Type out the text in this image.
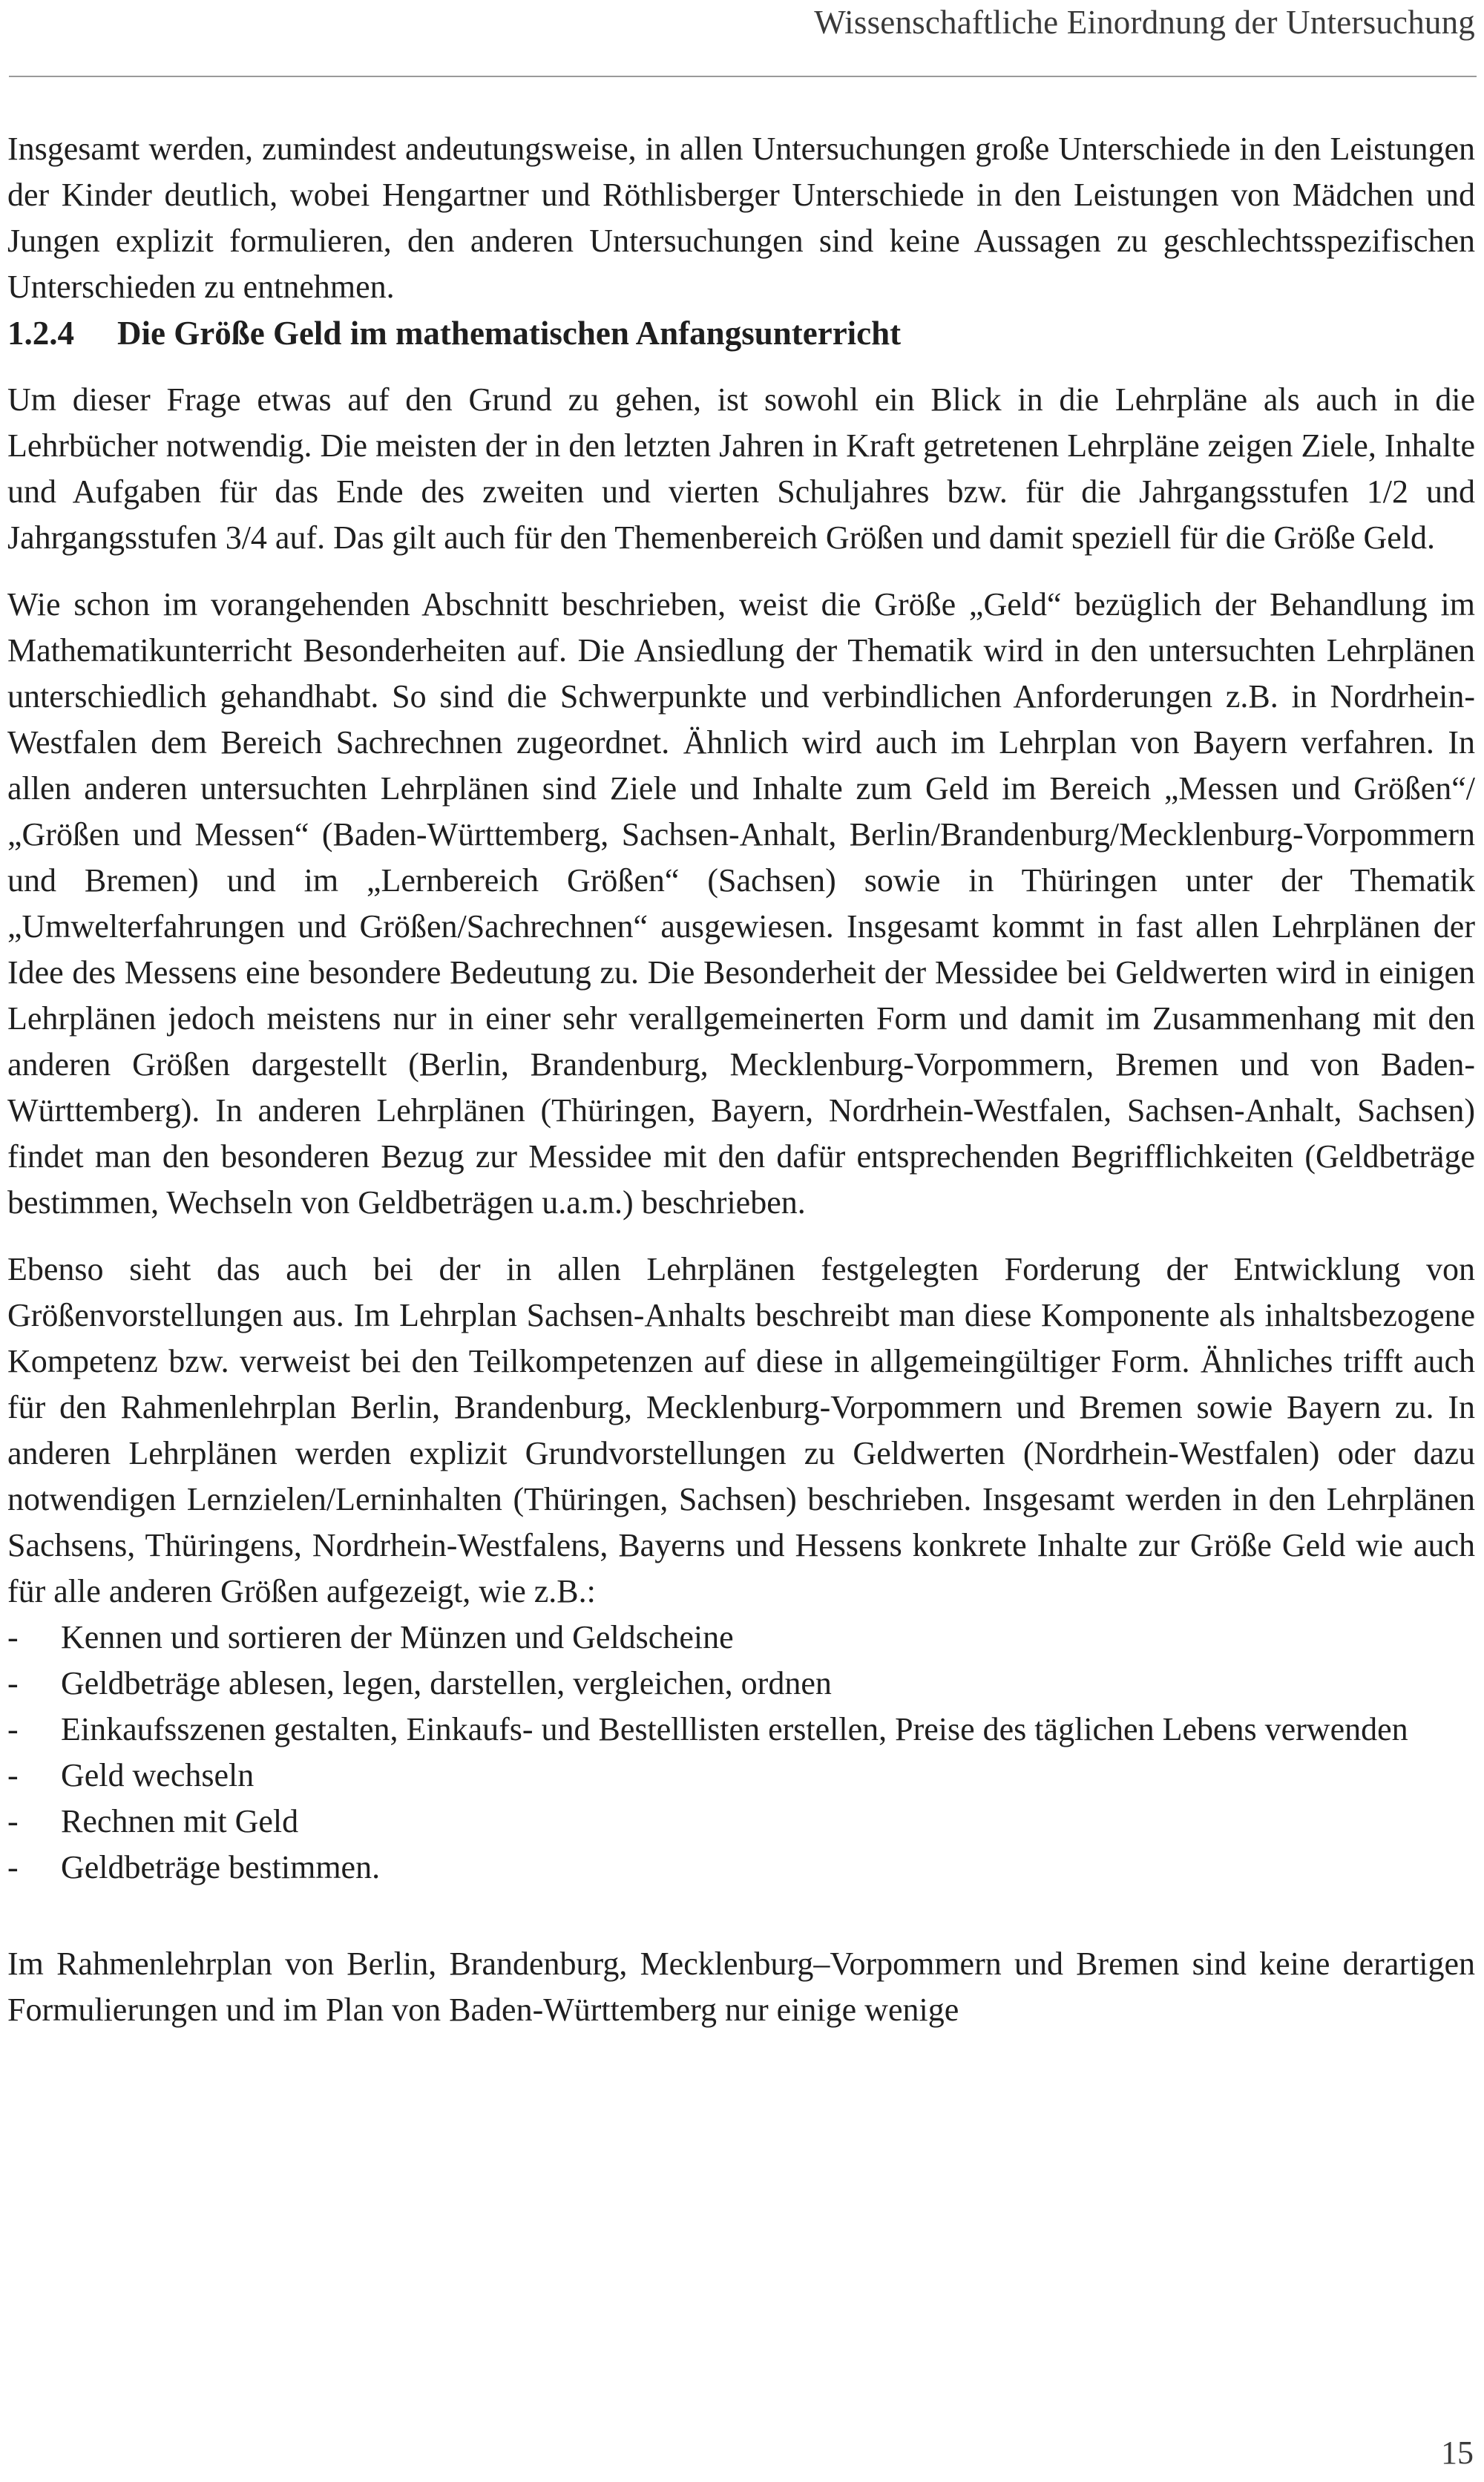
Wissenschaftliche Einordnung der Untersuchung

Insgesamt werden, zumindest andeutungsweise, in allen Untersuchungen große Unterschiede in den Leistungen der Kinder deutlich, wobei Hengartner und Röthlisberger Unterschiede in den Leistungen von Mädchen und Jungen explizit formulieren, den anderen Untersuchungen sind keine Aussagen zu geschlechtsspezifischen Unterschieden zu entnehmen.

1.2.4	Die Größe Geld im mathematischen Anfangsunterricht

Um dieser Frage etwas auf den Grund zu gehen, ist sowohl ein Blick in die Lehrpläne als auch in die Lehrbücher notwendig. Die meisten der in den letzten Jahren in Kraft getretenen Lehrpläne zeigen Ziele, Inhalte und Aufgaben für das Ende des zweiten und vierten Schuljahres bzw. für die Jahrgangsstufen 1/2 und Jahrgangsstufen 3/4 auf. Das gilt auch für den Themenbereich Größen und damit speziell für die Größe Geld.

Wie schon im vorangehenden Abschnitt beschrieben, weist die Größe „Geld“ bezüglich der Behandlung im Mathematikunterricht Besonderheiten auf. Die Ansiedlung der Thematik wird in den untersuchten Lehrplänen unterschiedlich gehandhabt. So sind die Schwerpunkte und verbindlichen Anforderungen z.B. in Nordrhein-Westfalen dem Bereich Sachrechnen zugeordnet. Ähnlich wird auch im Lehrplan von Bayern verfahren. In allen anderen untersuchten Lehrplänen sind Ziele und Inhalte zum Geld im Bereich „Messen und Größen“/„Größen und Messen“ (Baden-Württemberg, Sachsen-Anhalt, Berlin/Brandenburg/Mecklenburg-Vorpommern und Bremen) und im „Lernbereich Größen“ (Sachsen) sowie in Thüringen unter der Thematik „Umwelterfahrungen und Größen/Sachrechnen“ ausgewiesen. Insgesamt kommt in fast allen Lehrplänen der Idee des Messens eine besondere Bedeutung zu. Die Besonderheit der Messidee bei Geldwerten wird in einigen Lehrplänen jedoch meistens nur in einer sehr verallgemeinerten Form und damit im Zusammenhang mit den anderen Größen dargestellt (Berlin, Brandenburg, Mecklenburg-Vorpommern, Bremen und von Baden-Württemberg). In anderen Lehrplänen (Thüringen, Bayern, Nordrhein-Westfalen, Sachsen-Anhalt, Sachsen) findet man den besonderen Bezug zur Messidee mit den dafür entsprechenden Begrifflichkeiten (Geldbeträge bestimmen, Wechseln von Geldbeträgen u.a.m.) beschrieben.

Ebenso sieht das auch bei der in allen Lehrplänen festgelegten Forderung der Entwicklung von Größenvorstellungen aus. Im Lehrplan Sachsen-Anhalts beschreibt man diese Komponente als inhaltsbezogene Kompetenz bzw. verweist bei den Teilkompetenzen auf diese in allgemeingültiger Form. Ähnliches trifft auch für den Rahmenlehrplan Berlin, Brandenburg, Mecklenburg-Vorpommern und Bremen sowie Bayern zu. In anderen Lehrplänen werden explizit Grundvorstellungen zu Geldwerten (Nordrhein-Westfalen) oder dazu notwendigen Lernzielen/Lerninhalten (Thüringen, Sachsen) beschrieben. Insgesamt werden in den Lehrplänen Sachsens, Thüringens, Nordrhein-Westfalens, Bayerns und Hessens konkrete Inhalte zur Größe Geld wie auch für alle anderen Größen aufgezeigt, wie z.B.:

-	Kennen und sortieren der Münzen und Geldscheine
-	Geldbeträge ablesen, legen, darstellen, vergleichen, ordnen
-	Einkaufsszenen gestalten, Einkaufs- und Bestelllisten erstellen, Preise des täglichen Lebens verwenden
-	Geld wechseln
-	Rechnen mit Geld
-	Geldbeträge bestimmen.

Im Rahmenlehrplan von Berlin, Brandenburg, Mecklenburg–Vorpommern und Bremen sind keine derartigen Formulierungen und im Plan von Baden-Württemberg nur einige wenige

15
